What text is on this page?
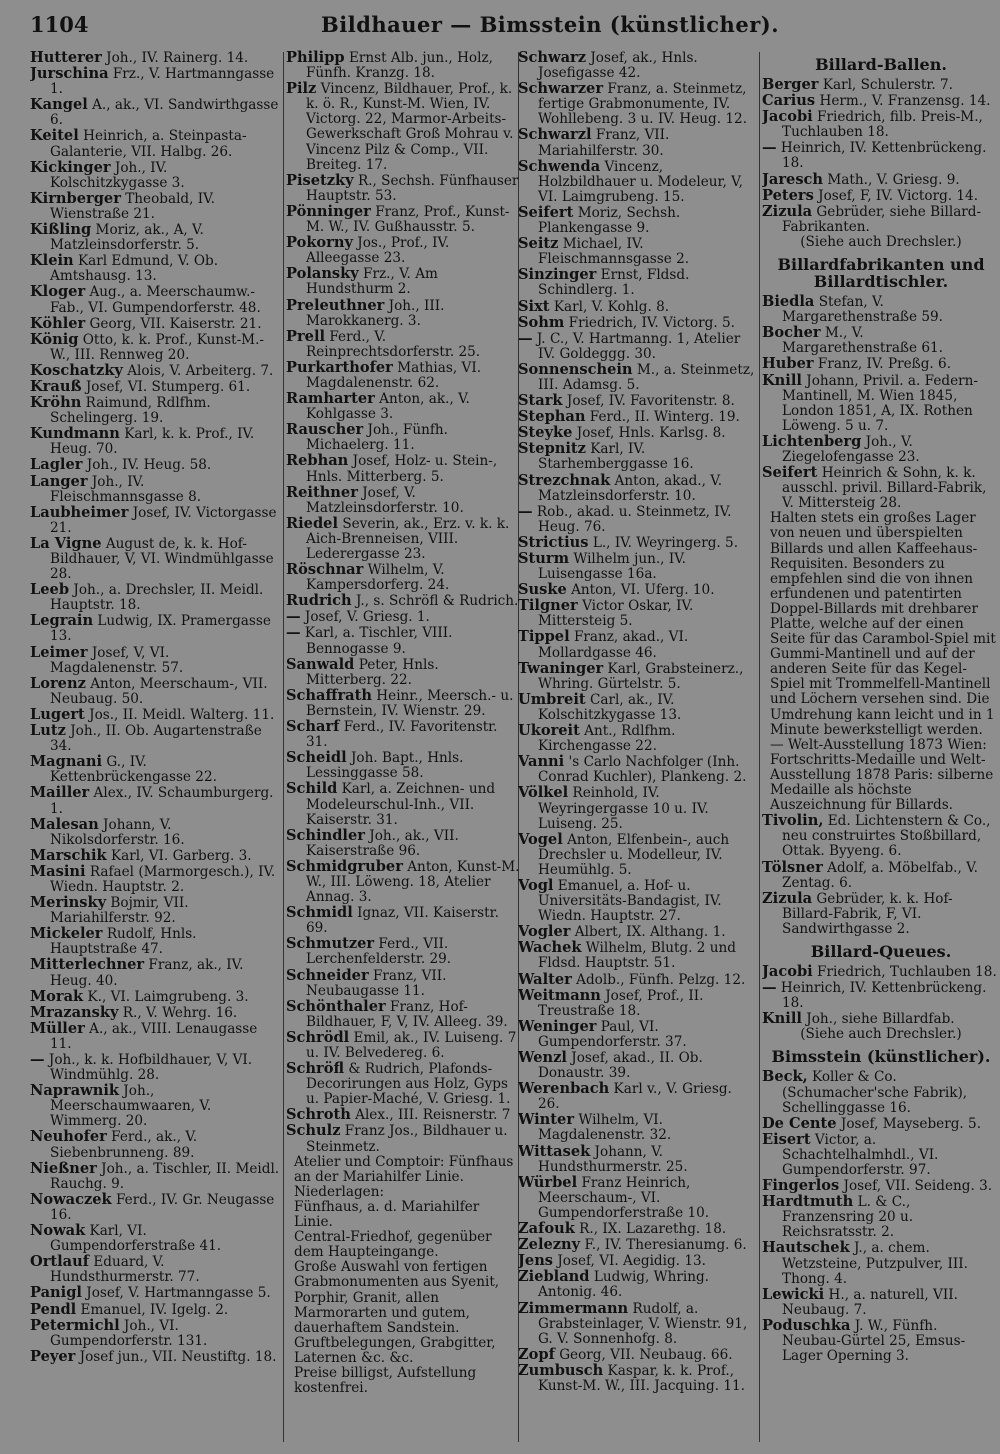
1104	Bildhauer — Bimsstein (künstlicher).

Hutterer Joh., IV. Rainerg. 14.

Jurschina Frz., V. Hartmanngasse 1.

Kangel A., ak., VI. Sandwirthgasse 6.

Keitel Heinrich, a. Steinpasta-Galanterie, VII. Halbg. 26.

Kickinger Joh., IV. Kolschitzkygasse 3.

Kirnberger Theobald, IV. Wienstraße 21.

Kißling Moriz, ak., A, V. Matzleinsdorferstr. 5.

Klein Karl Edmund, V. Ob. Amtshausg. 13.

Kloger Aug., a. Meerschaumw.-Fab., VI. Gumpendorferstr. 48.

Köhler Georg, VII. Kaiserstr. 21.

König Otto, k. k. Prof., Kunst-M.-W., III. Rennweg 20.

Koschatzky Alois, V. Arbeiterg. 7.

Krauß Josef, VI. Stumperg. 61.

Kröhn Raimund, Rdlfhm. Schelingerg. 19.

Kundmann Karl, k. k. Prof., IV. Heug. 70.

Lagler Joh., IV. Heug. 58.

Langer Joh., IV. Fleischmannsgasse 8.

Laubheimer Josef, IV. Victorgasse 21.

La Vigne August de, k. k. Hof-Bildhauer, V, VI. Windmühlgasse 28.

Leeb Joh., a. Drechsler, II. Meidl. Hauptstr. 18.

Legrain Ludwig, IX. Pramergasse 13.

Leimer Josef, V, VI. Magdalenenstr. 57.

Lorenz Anton, Meerschaum-, VII. Neubaug. 50.

Lugert Jos., II. Meidl. Walterg. 11.

Lutz Joh., II. Ob. Augartenstraße 34.

Magnani G., IV. Kettenbrückengasse 22.

Mailler Alex., IV. Schaumburgerg. 1.

Malesan Johann, V. Nikolsdorferstr. 16.

Marschik Karl, VI. Garberg. 3.

Masini Rafael (Marmorgesch.), IV. Wiedn. Hauptstr. 2.

Merinsky Bojmir, VII. Mariahilferstr. 92.

Mickeler Rudolf, Hnls. Hauptstraße 47.

Mitterlechner Franz, ak., IV. Heug. 40.

Morak K., VI. Laimgrubeng. 3.

Mrazansky R., V. Wehrg. 16.

Müller A., ak., VIII. Lenaugasse 11.

— Joh., k. k. Hofbildhauer, V, VI. Windmühlg. 28.

Naprawnik Joh., Meerschaumwaaren, V. Wimmerg. 20.

Neuhofer Ferd., ak., V. Siebenbrunneng. 89.

Nießner Joh., a. Tischler, II. Meidl. Rauchg. 9.

Nowaczek Ferd., IV. Gr. Neugasse 16.

Nowak Karl, VI. Gumpendorferstraße 41.

Ortlauf Eduard, V. Hundsthurmerstr. 77.

Panigl Josef, V. Hartmanngasse 5.

Pendl Emanuel, IV. Igelg. 2.

Petermichl Joh., VI. Gumpendorferstr. 131.

Peyer Josef jun., VII. Neustiftg. 18.

Philipp Ernst Alb. jun., Holz, Fünfh. Kranzg. 18.

Pilz Vincenz, Bildhauer, Prof., k. k. ö. R., Kunst-M. Wien, IV. Victorg. 22, Marmor-Arbeits-Gewerkschaft Groß Mohrau v. Vincenz Pilz & Comp., VII. Breiteg. 17.

Pisetzky R., Sechsh. Fünfhauser Hauptstr. 53.

Pönninger Franz, Prof., Kunst-M. W., IV. Gußhausstr. 5.

Pokorny Jos., Prof., IV. Alleegasse 23.

Polansky Frz., V. Am Hundsthurm 2.

Preleuthner Joh., III. Marokkanerg. 3.

Prell Ferd., V. Reinprechtsdorferstr. 25.

Purkarthofer Mathias, VI. Magdalenenstr. 62.

Ramharter Anton, ak., V. Kohlgasse 3.

Rauscher Joh., Fünfh. Michaelerg. 11.

Rebhan Josef, Holz- u. Stein-, Hnls. Mitterberg. 5.

Reithner Josef, V. Matzleinsdorferstr. 10.

Riedel Severin, ak., Erz. v. k. k. Aich-Brenneisen, VIII. Lederergasse 23.

Röschnar Wilhelm, V. Kampersdorferg. 24.

Rudrich J., s. Schröfl & Rudrich.

— Josef, V. Griesg. 1.

— Karl, a. Tischler, VIII. Bennogasse 9.

Sanwald Peter, Hnls. Mitterberg. 22.

Schaffrath Heinr., Meersch.- u. Bernstein, IV. Wienstr. 29.

Scharf Ferd., IV. Favoritenstr. 31.

Scheidl Joh. Bapt., Hnls. Lessinggasse 58.

Schild Karl, a. Zeichnen- und Modeleurschul-Inh., VII. Kaiserstr. 31.

Schindler Joh., ak., VII. Kaiserstraße 96.

Schmidgruber Anton, Kunst-M. W., III. Löweng. 18, Atelier Annag. 3.

Schmidl Ignaz, VII. Kaiserstr. 69.

Schmutzer Ferd., VII. Lerchenfelderstr. 29.

Schneider Franz, VII. Neubaugasse 11.

Schönthaler Franz, Hof-Bildhauer, F, V, IV. Alleeg. 39.

Schrödl Emil, ak., IV. Luiseng. 7 u. IV. Belvedereg. 6.

Schröfl & Rudrich, Plafonds-Decorirungen aus Holz, Gyps u. Papier-Maché, V. Griesg. 1.

Schroth Alex., III. Reisnerstr. 7

Schulz Franz Jos., Bildhauer u. Steinmetz.

Atelier und Comptoir: Fünfhaus an der Mariahilfer Linie.

Niederlagen:

Fünfhaus, a. d. Mariahilfer Linie.

Central-Friedhof, gegenüber dem Haupteingange.

Große Auswahl von fertigen Grabmonumenten aus Syenit, Porphir, Granit, allen Marmorarten und gutem, dauerhaftem Sandstein.

Gruftbelegungen, Grabgitter, Laternen &c. &c.

Preise billigst, Aufstellung kostenfrei.

Schwarz Josef, ak., Hnls. Josefigasse 42.

Schwarzer Franz, a. Steinmetz, fertige Grabmonumente, IV. Wohllebeng. 3 u. IV. Heug. 12.

Schwarzl Franz, VII. Mariahilferstr. 30.

Schwenda Vincenz, Holzbildhauer u. Modeleur, V, VI. Laimgrubeng. 15.

Seifert Moriz, Sechsh. Plankengasse 9.

Seitz Michael, IV. Fleischmannsgasse 2.

Sinzinger Ernst, Fldsd. Schindlerg. 1.

Sixt Karl, V. Kohlg. 8.

Sohm Friedrich, IV. Victorg. 5.

— J. C., V. Hartmanng. 1, Atelier IV. Goldeggg. 30.

Sonnenschein M., a. Steinmetz, III. Adamsg. 5.

Stark Josef, IV. Favoritenstr. 8.

Stephan Ferd., II. Winterg. 19.

Steyke Josef, Hnls. Karlsg. 8.

Stepnitz Karl, IV. Starhemberggasse 16.

Strezchnak Anton, akad., V. Matzleinsdorferstr. 10.

— Rob., akad. u. Steinmetz, IV. Heug. 76.

Strictius L., IV. Weyringerg. 5.

Sturm Wilhelm jun., IV. Luisengasse 16a.

Suske Anton, VI. Uferg. 10.

Tilgner Victor Oskar, IV. Mittersteig 5.

Tippel Franz, akad., VI. Mollardgasse 46.

Twaninger Karl, Grabsteinerz., Whring. Gürtelstr. 5.

Umbreit Carl, ak., IV. Kolschitzkygasse 13.

Ukoreit Ant., Rdlfhm. Kirchengasse 22.

Vanni 's Carlo Nachfolger (Inh. Conrad Kuchler), Plankeng. 2.

Völkel Reinhold, IV. Weyringergasse 10 u. IV. Luiseng. 25.

Vogel Anton, Elfenbein-, auch Drechsler u. Modelleur, IV. Heumühlg. 5.

Vogl Emanuel, a. Hof- u. Universitäts-Bandagist, IV. Wiedn. Hauptstr. 27.

Vogler Albert, IX. Althang. 1.

Wachek Wilhelm, Blutg. 2 und Fldsd. Hauptstr. 51.

Walter Adolb., Fünfh. Pelzg. 12.

Weitmann Josef, Prof., II. Treustraße 18.

Weninger Paul, VI. Gumpendorferstr. 37.

Wenzl Josef, akad., II. Ob. Donaustr. 39.

Werenbach Karl v., V. Griesg. 26.

Winter Wilhelm, VI. Magdalenenstr. 32.

Wittasek Johann, V. Hundsthurmerstr. 25.

Würbel Franz Heinrich, Meerschaum-, VI. Gumpendorferstraße 10.

Zafouk R., IX. Lazarethg. 18.

Zelezny F., IV. Theresianumg. 6.

Jens Josef, VI. Aegidig. 13.

Ziebland Ludwig, Whring. Antonig. 46.

Zimmermann Rudolf, a. Grabsteinlager, V. Wienstr. 91, G. V. Sonnenhofg. 8.

Zopf Georg, VII. Neubaug. 66.

Zumbusch Kaspar, k. k. Prof., Kunst-M. W., III. Jacquing. 11.

Billard-Ballen.

Berger Karl, Schulerstr. 7.

Carius Herm., V. Franzensg. 14.

Jacobi Friedrich, filb. Preis-M., Tuchlauben 18.

— Heinrich, IV. Kettenbrückeng. 18.

Jaresch Math., V. Griesg. 9.

Peters Josef, F, IV. Victorg. 14.

Zizula Gebrüder, siehe Billard-Fabrikanten.

(Siehe auch Drechsler.)

Billardfabrikanten und Billardtischler.

Biedla Stefan, V. Margarethenstraße 59.

Bocher M., V. Margarethenstraße 61.

Huber Franz, IV. Preßg. 6.

Knill Johann, Privil. a. Federn-Mantinell, M. Wien 1845, London 1851, A, IX. Rothen Löweng. 5 u. 7.

Lichtenberg Joh., V. Ziegelofengasse 23.

Seifert Heinrich & Sohn, k. k. ausschl. privil. Billard-Fabrik, V. Mittersteig 28.

Halten stets ein großes Lager von neuen und überspielten Billards und allen Kaffeehaus-Requisiten. Besonders zu empfehlen sind die von ihnen erfundenen und patentirten Doppel-Billards mit drehbarer Platte, welche auf der einen Seite für das Carambol-Spiel mit Gummi-Mantinell und auf der anderen Seite für das Kegel-Spiel mit Trommelfell-Mantinell und Löchern versehen sind. Die Umdrehung kann leicht und in 1 Minute bewerkstelligt werden. — Welt-Ausstellung 1873 Wien: Fortschritts-Medaille und Welt-Ausstellung 1878 Paris: silberne Medaille als höchste Auszeichnung für Billards.

Tivolin, Ed. Lichtenstern & Co., neu construirtes Stoßbillard, Ottak. Byyeng. 6.

Tölsner Adolf, a. Möbelfab., V. Zentag. 6.

Zizula Gebrüder, k. k. Hof-Billard-Fabrik, F, VI. Sandwirthgasse 2.

Billard-Queues.

Jacobi Friedrich, Tuchlauben 18.

— Heinrich, IV. Kettenbrückeng. 18.

Knill Joh., siehe Billardfab.

(Siehe auch Drechsler.)

Bimsstein (künstlicher).

Beck, Koller & Co. (Schumacher'sche Fabrik), Schellinggasse 16.

De Cente Josef, Mayseberg. 5.

Eisert Victor, a. Schachtelhalmhdl., VI. Gumpendorferstr. 97.

Fingerlos Josef, VII. Seideng. 3.

Hardtmuth L. & C., Franzensring 20 u. Reichsratsstr. 2.

Hautschek J., a. chem. Wetzsteine, Putzpulver, III. Thong. 4.

Lewicki H., a. naturell, VII. Neubaug. 7.

Poduschka J. W., Fünfh. Neubau-Gürtel 25, Emsus-Lager Operning 3.
